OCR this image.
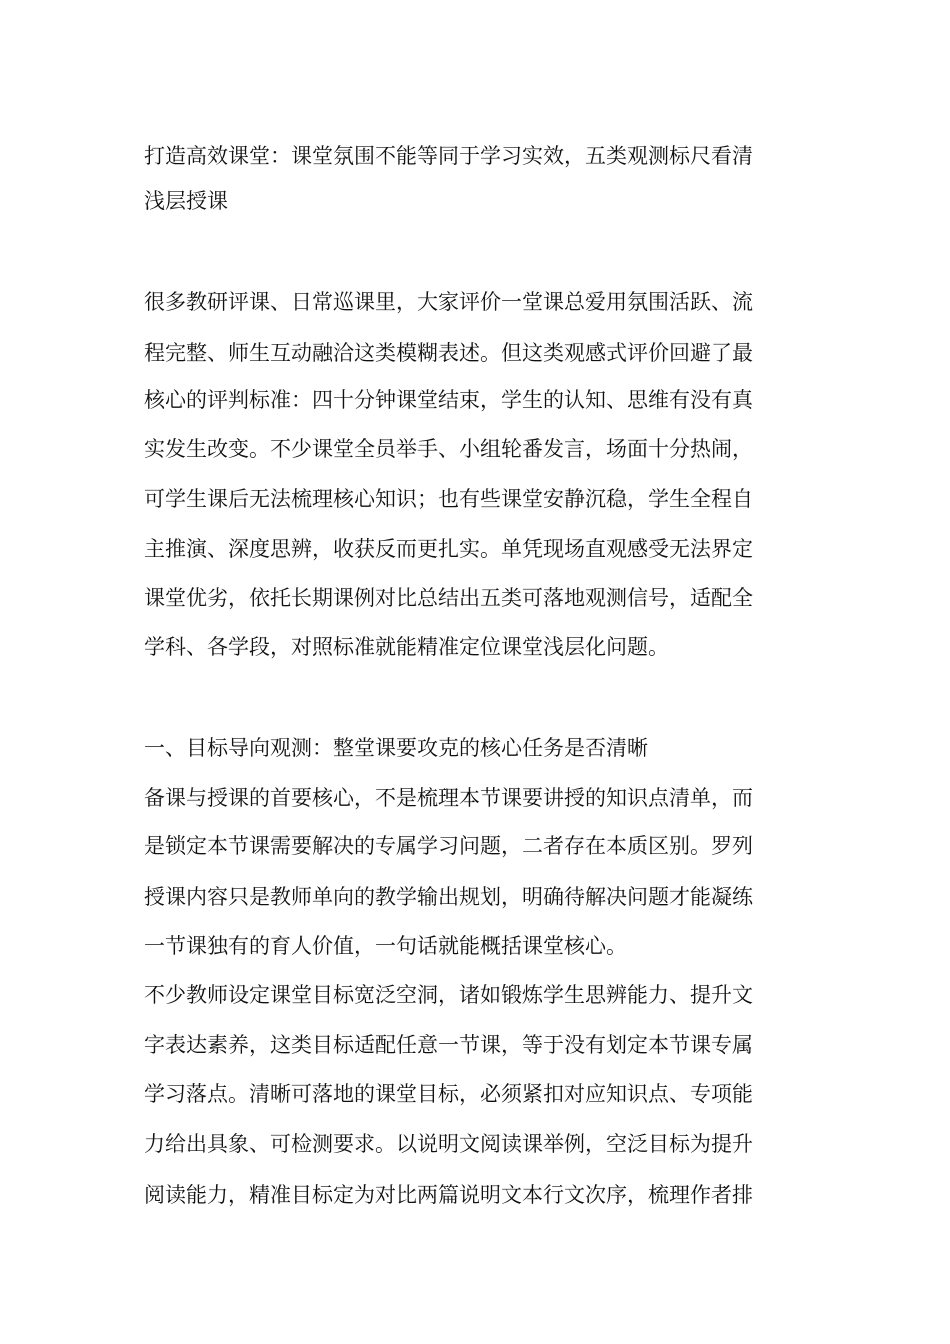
打造高效课堂：课堂氛围不能等同于学习实效，五类观测标尺看清
浅层授课
很多教研评课、日常巡课里，大家评价一堂课总爱用氛围活跃、流
程完整、师生互动融洽这类模糊表述。但这类观感式评价回避了最
核心的评判标准：四十分钟课堂结束，学生的认知、思维有没有真
实发生改变。不少课堂全员举手、小组轮番发言，场面十分热闹，
可学生课后无法梳理核心知识；也有些课堂安静沉稳，学生全程自
主推演、深度思辨，收获反而更扎实。单凭现场直观感受无法界定
课堂优劣，依托长期课例对比总结出五类可落地观测信号，适配全
学科、各学段，对照标准就能精准定位课堂浅层化问题。
一、目标导向观测：整堂课要攻克的核心任务是否清晰
备课与授课的首要核心，不是梳理本节课要讲授的知识点清单，而
是锁定本节课需要解决的专属学习问题，二者存在本质区别。罗列
授课内容只是教师单向的教学输出规划，明确待解决问题才能凝练
一节课独有的育人价值，一句话就能概括课堂核心。
不少教师设定课堂目标宽泛空洞，诸如锻炼学生思辨能力、提升文
字表达素养，这类目标适配任意一节课，等于没有划定本节课专属
学习落点。清晰可落地的课堂目标，必须紧扣对应知识点、专项能
力给出具象、可检测要求。以说明文阅读课举例，空泛目标为提升
阅读能力，精准目标定为对比两篇说明文本行文次序，梳理作者排
